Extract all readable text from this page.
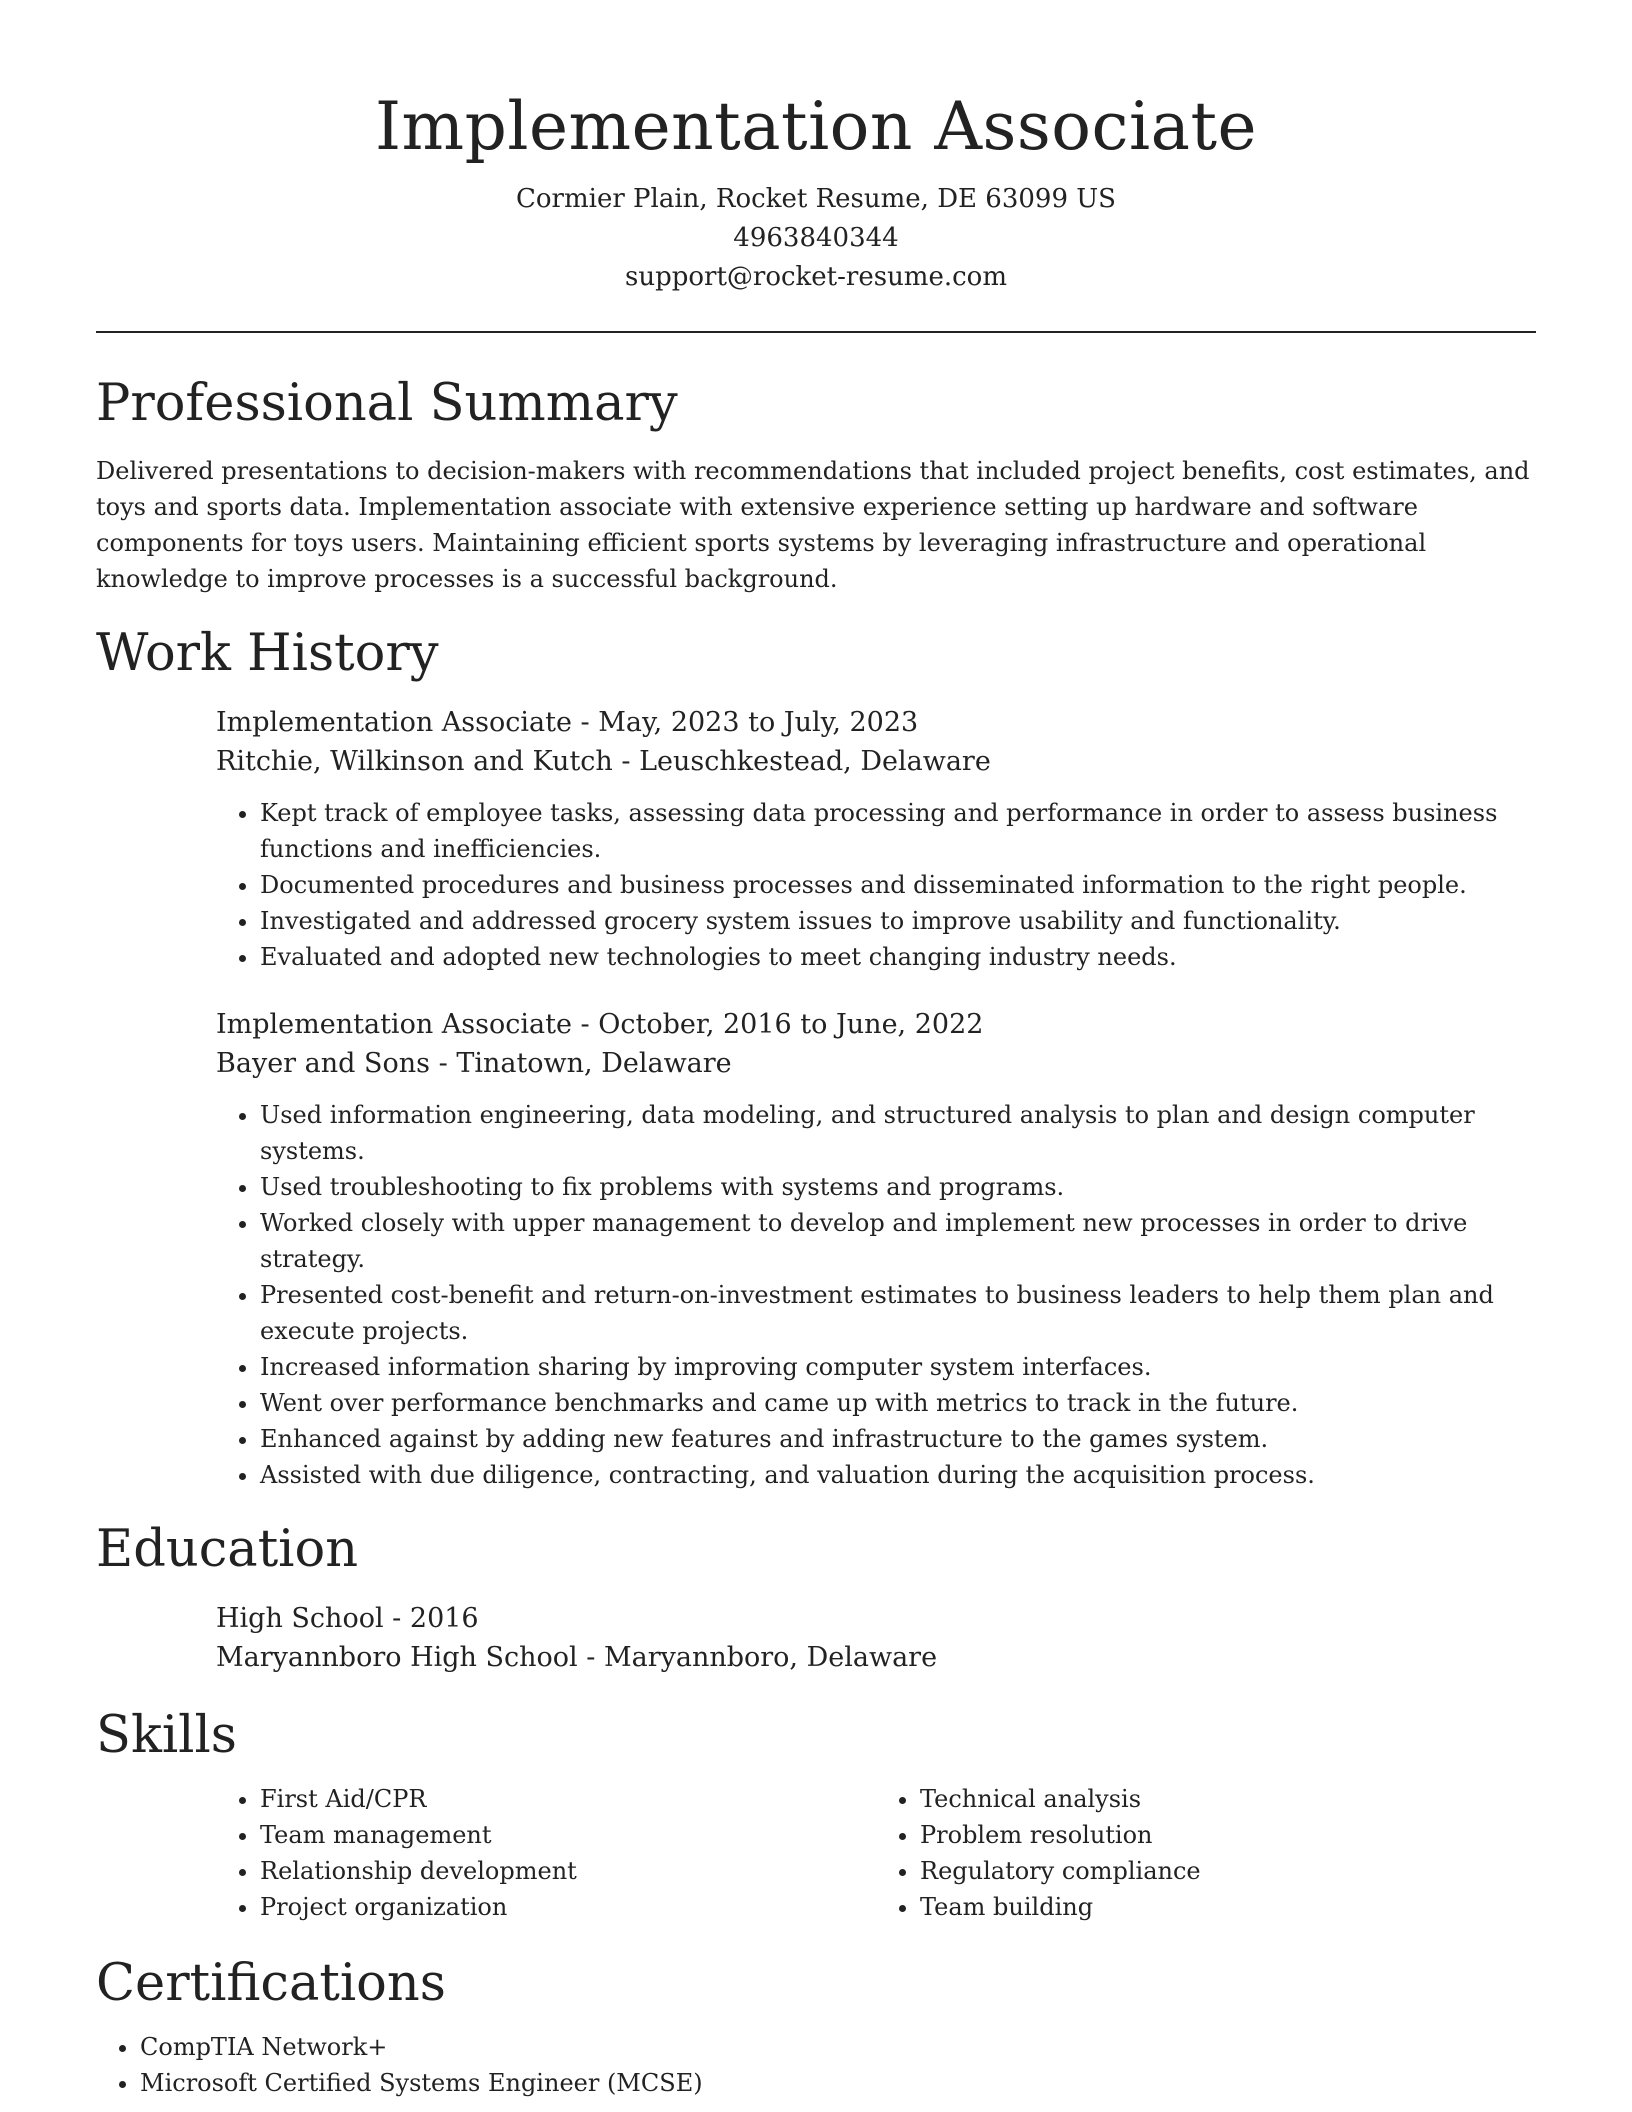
Implementation Associate
Cormier Plain, Rocket Resume, DE 63099 US
4963840344
support@rocket-resume.com
Professional Summary

Delivered presentations to decision-makers with recommendations that included project benefits, cost estimates, and toys and sports data. Implementation associate with extensive experience setting up hardware and software components for toys users. Maintaining efficient sports systems by leveraging infrastructure and operational knowledge to improve processes is a successful background.

Work History

Implementation Associate - May, 2023 to July, 2023

Ritchie, Wilkinson and Kutch - Leuschkestead, Delaware

• Kept track of employee tasks, assessing data processing and performance in order to assess business functions and inefficiencies.
• Documented procedures and business processes and disseminated information to the right people.
• Investigated and addressed grocery system issues to improve usability and functionality.
• Evaluated and adopted new technologies to meet changing industry needs.

Implementation Associate - October, 2016 to June, 2022

Bayer and Sons - Tinatown, Delaware

• Used information engineering, data modeling, and structured analysis to plan and design computer systems.
• Used troubleshooting to fix problems with systems and programs.
• Worked closely with upper management to develop and implement new processes in order to drive strategy.
• Presented cost-benefit and return-on-investment estimates to business leaders to help them plan and execute projects.
• Increased information sharing by improving computer system interfaces.
• Went over performance benchmarks and came up with metrics to track in the future.
• Enhanced against by adding new features and infrastructure to the games system.
• Assisted with due diligence, contracting, and valuation during the acquisition process.
Education

High School - 2016

Maryannboro High School - Maryannboro, Delaware

Skills
• First Aid/CPR
• Team management
• Relationship development
• Project organization
• Technical analysis
• Problem resolution
• Regulatory compliance
• Team building
Certifications
• CompTIA Network+
• Microsoft Certified Systems Engineer (MCSE)
